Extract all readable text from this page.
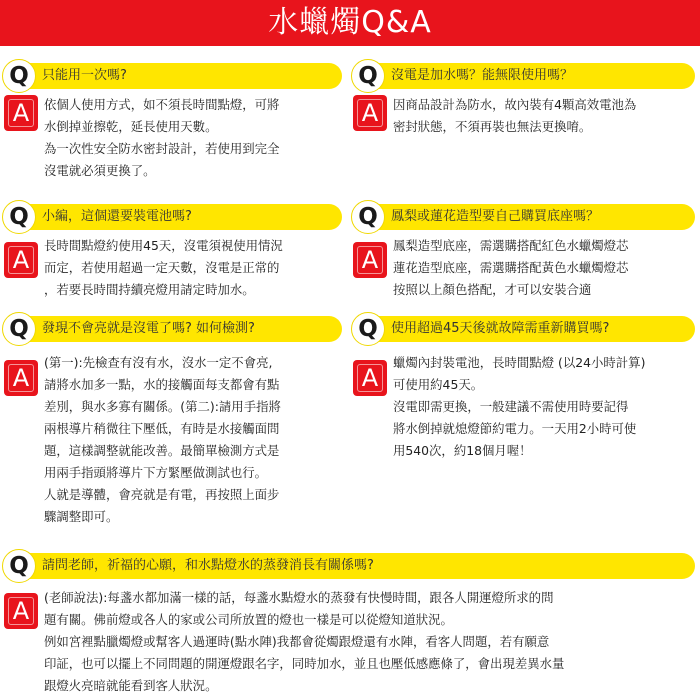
水蠟燭Q&A
Q	只能用一次嗎?
A	依個人使用方式，如不須長時間點燈，可將
水倒掉並擦乾，延長使用天數。
為一次性安全防水密封設計，若使用到完全
沒電就必須更換了。
Q	沒電是加水嗎？能無限使用嗎？
A	因商品設計為防水，故內裝有4顆高效電池為
密封狀態，不須再裝也無法更換唷。
Q	小編，這個還要裝電池嗎?
A
長時間點燈約使用45天，沒電須視使用情況
而定，若使用超過一定天數，沒電是正常的
，若要長時間持續亮燈用請定時加水。
Q	鳳梨或蓮花造型要自己購買底座嗎？
A
鳳梨造型底座，需選購搭配紅色水蠟燭燈芯
蓮花造型底座，需選購搭配黃色水蠟燭燈芯
按照以上顏色搭配，才可以安裝合適
Q	發現不會亮就是沒電了嗎? 如何檢測?
A
(第一):先檢查有沒有水，沒水一定不會亮,
請將水加多一點，水的接觸面每支都會有點
差別，與水多寡有關係。(第二):請用手指將
兩根導片稍微往下壓低，有時是水接觸面問
題，這樣調整就能改善。最簡單檢測方式是
用兩手指頭將導片下方緊壓做測試也行。
人就是導體，會亮就是有電，再按照上面步
驟調整即可。
Q	使用超過45天後就故障需重新購買嗎?
A
蠟燭內封裝電池，長時間點燈 (以24小時計算)
可使用約45天。
沒電即需更換，一般建議不需使用時要記得
將水倒掉就熄燈節約電力。一天用2小時可使
用540次，約18個月喔！
Q	請問老師，祈福的心願，和水點燈水的蒸發消長有關係嗎?
A	(老師說法):每盞水都加滿一樣的話，每盞水點燈水的蒸發有快慢時間，跟各人開運燈所求的問
題有關。佛前燈或各人的家或公司所放置的燈也一樣是可以從燈知道狀況。
例如宮裡點臘燭燈或幫客人過運時(點水陣)我都會從燭跟燈還有水陣，看客人問題，若有願意
印証，也可以擺上不同問題的開運燈跟名字，同時加水，並且也壓低感應條了，會出現差異水量
跟燈火亮暗就能看到客人狀況。
